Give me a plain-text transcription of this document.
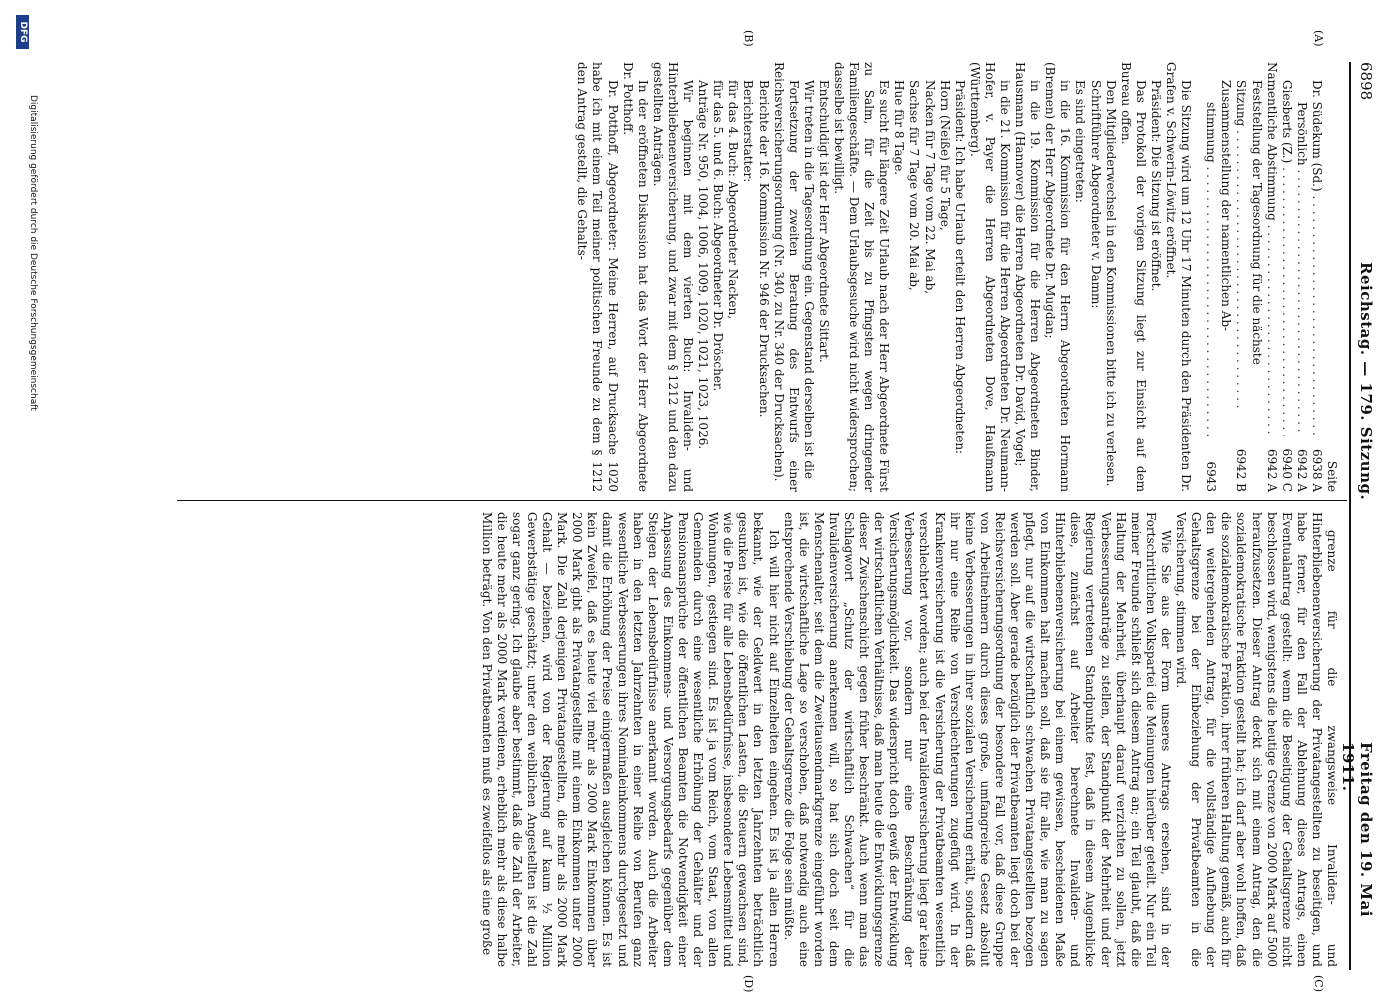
6898
Reichstag. — 179. Sitzung.
Freitag den 19. Mai 1911.
(A)
(B)
(C)
(D)
Seite
Dr. Südekum (Sd.) . . .
6938 A
Persönlich . . .
6942 A
Giesberts (Z.) . . .
6940 C
Namentliche Abstimmung . . .
6942 A
Feststellung der Tagesordnung für die nächste
Sitzung . . .
6942 B
Zusammenstellung der namentlichen Ab-
stimmung . . .
6943

Die Sitzung wird um 12 Uhr 17 Minuten durch den Präsidenten Dr. Grafen v. Schwerin-Löwitz eröffnet.

Präsident: Die Sitzung ist eröffnet.

Das Protokoll der vorigen Sitzung liegt zur Einsicht auf dem Bureau offen.

Den Mitgliederwechsel in den Kommissionen bitte ich zu verlesen.

Schriftführer Abgeordneter v. Damm:

Es sind eingetreten:

in die 16. Kommission für den Herrn Abgeordneten Hormann (Bremen) der Herr Abgeordnete Dr. Mugdan;

in die 19. Kommission für die Herren Abgeordneten Binder, Hausmann (Hannover) die Herren Abgeordneten Dr. David, Vogel;

in die 21. Kommission für die Herren Abgeordneten Dr. Neumann-Hofer, v. Payer die Herren Abgeordneten Dove, Haußmann (Württemberg).

Präsident: Ich habe Urlaub erteilt den Herren Abgeordneten:

Horn (Neiße) für 5 Tage,

Nacken für 7 Tage vom 22. Mai ab,

Sachse für 7 Tage vom 20. Mai ab,

Hue für 8 Tage.

Es sucht für längere Zeit Urlaub nach der Herr Abgeordnete Fürst zu Salm, für die Zeit bis zu Pfingsten wegen dringender Familiengeschäfte. — Dem Urlaubsgesuche wird nicht widersprochen; dasselbe ist bewilligt.

Entschuldigt ist der Herr Abgeordnete Sittart.

Wir treten in die Tagesordnung ein. Gegenstand derselben ist die

Fortsetzung der zweiten Beratung des Entwurfs einer Reichsversicherungsordnung (Nr. 340, zu Nr. 340 der Drucksachen).

Berichte der 16. Kommission Nr. 946 der Drucksachen.

Berichterstatter:

für das 4. Buch: Abgeordneter Nacken,

für das 5. und 6. Buch: Abgeordneter Dr. Dröscher.

Anträge Nr. 950, 1004, 1006, 1009, 1020, 1021, 1023, 1026.

Wir beginnen mit dem vierten Buch: Invaliden- und Hinterbliebenenversicherung, und zwar mit dem § 1212 und den dazu gestellten Anträgen.

In der eröffneten Diskussion hat das Wort der Herr Abgeordnete Dr. Potthoff.

Dr. Potthoff, Abgeordneter: Meine Herren, auf Drucksache 1020 habe ich mit einem Teil meiner politischen Freunde zu dem § 1212 den Antrag gestellt, die Gehalts-

grenze für die zwangsweise Invaliden- und Hinterbliebenenversicherung der Privatangestellten zu beseitigen, und habe ferner, für den Fall der Ablehnung dieses Antrags, einen Eventualantrag gestellt: wenn die Beseitigung der Gehaltsgrenze nicht beschlossen wird, wenigstens die heutige Grenze von 2000 Mark auf 5000 heraufzusetzen. Dieser Antrag deckt sich mit einem Antrag, den die sozialdemokratische Fraktion gestellt hat; ich darf aber wohl hoffen, daß die sozialdemokratische Fraktion, ihrer früheren Haltung gemäß, auch für den weitergehenden Antrag, für die vollständige Aufhebung der Gehaltsgrenze bei der Einbeziehung der Privatbeamten in die Versicherung, stimmen wird.

Wie Sie aus der Form unseres Antrags ersehen, sind in der Fortschrittlichen Volkspartei die Meinungen hierüber geteilt. Nur ein Teil meiner Freunde schließt sich diesem Antrag an; ein Teil glaubt, daß die Haltung der Mehrheit, überhaupt darauf verzichten zu sollen, jetzt Verbesserungsanträge zu stellen, der Standpunkt der Mehrheit und der Regierung vertretenen Standpunkte fest, daß in diesem Augenblicke diese, zunächst auf Arbeiter berechnete Invaliden- und Hinterbliebenenversicherung bei einem gewissen, bescheidenen Maße von Einkommen halt machen soll, daß sie für alle, wie man zu sagen pflegt, nur auf die wirtschaftlich schwachen Privatangestellten bezogen werden soll. Aber gerade bezüglich der Privatbeamten liegt doch bei der Reichsversicherungsordnung der besondere Fall vor, daß diese Gruppe von Arbeitnehmern durch dieses große, umfangreiche Gesetz absolut keine Verbesserungen in ihrer sozialen Versicherung erhält, sondern daß ihr nur eine Reihe von Verschlechterungen zugefügt wird. In der Krankenversicherung ist die Versicherung der Privatbeamten wesentlich verschlechtert worden; auch bei der Invalidenversicherung liegt gar keine Verbesserung vor, sondern nur eine Beschränkung der Versicherungsmöglichkeit. Das widerspricht doch gewiß der Entwicklung der wirtschaftlichen Verhältnisse, daß man heute die Entwicklungsgrenze dieser Zwischenschicht gegen früher beschränkt. Auch wenn man das Schlagwort „Schutz der wirtschaftlich Schwachen“ für die Invalidenversicherung anerkennen will, so hat sich doch seit dem Menschenalter, seit dem die Zweitausendmarkgrenze eingeführt worden ist, die wirtschaftliche Lage so verschoben, daß notwendig auch eine entsprechende Verschiebung der Gehaltsgrenze die Folge sein müßte.

Ich will hier nicht auf Einzelheiten eingehen. Es ist ja allen Herren bekannt, wie der Geldwert in den letzten Jahrzehnten beträchtlich gesunken ist, wie die öffentlichen Lasten, die Steuern gewachsen sind, wie die Preise für alle Lebensbedürfnisse, insbesondere Lebensmittel und Wohnungen, gestiegen sind. Es ist ja vom Reich, vom Staat, von allen Gemeinden durch eine wesentliche Erhöhung der Gehälter und der Pensionsansprüche der öffentlichen Beamten die Notwendigkeit einer Anpassung des Einkommens- und Versorgungsbedarfs gegenüber dem Steigen der Lebensbedürfnisse anerkannt worden. Auch die Arbeiter haben in den letzten Jahrzehnten in einer Reihe von Berufen ganz wesentliche Verbesserungen ihres Nominaleinkommens durchgesetzt und damit die Erhöhung der Preise einigermaßen ausgleichen können. Es ist kein Zweifel, daß es heute viel mehr als 2000 Mark Einkommen über 2000 Mark gibt als Privatangestellte mit einem Einkommen unter 2000 Mark. Die Zahl derjenigen Privatangestellten, die mehr als 2000 Mark Gehalt — beziehen, wird von der Regierung auf kaum ½ Million Gewerbstätige geschätzt; unter den weiblichen Angestellten ist die Zahl sogar ganz gering. Ich glaube aber bestimmt, daß die Zahl der Arbeiter, die heute mehr als 2000 Mark verdienen, erheblich mehr als diese halbe Million beträgt. Von den Privatbeamten muß es zweifellos als eine große

Digitalisierung gefördert durch die Deutsche Forschungsgemeinschaft
DFG
